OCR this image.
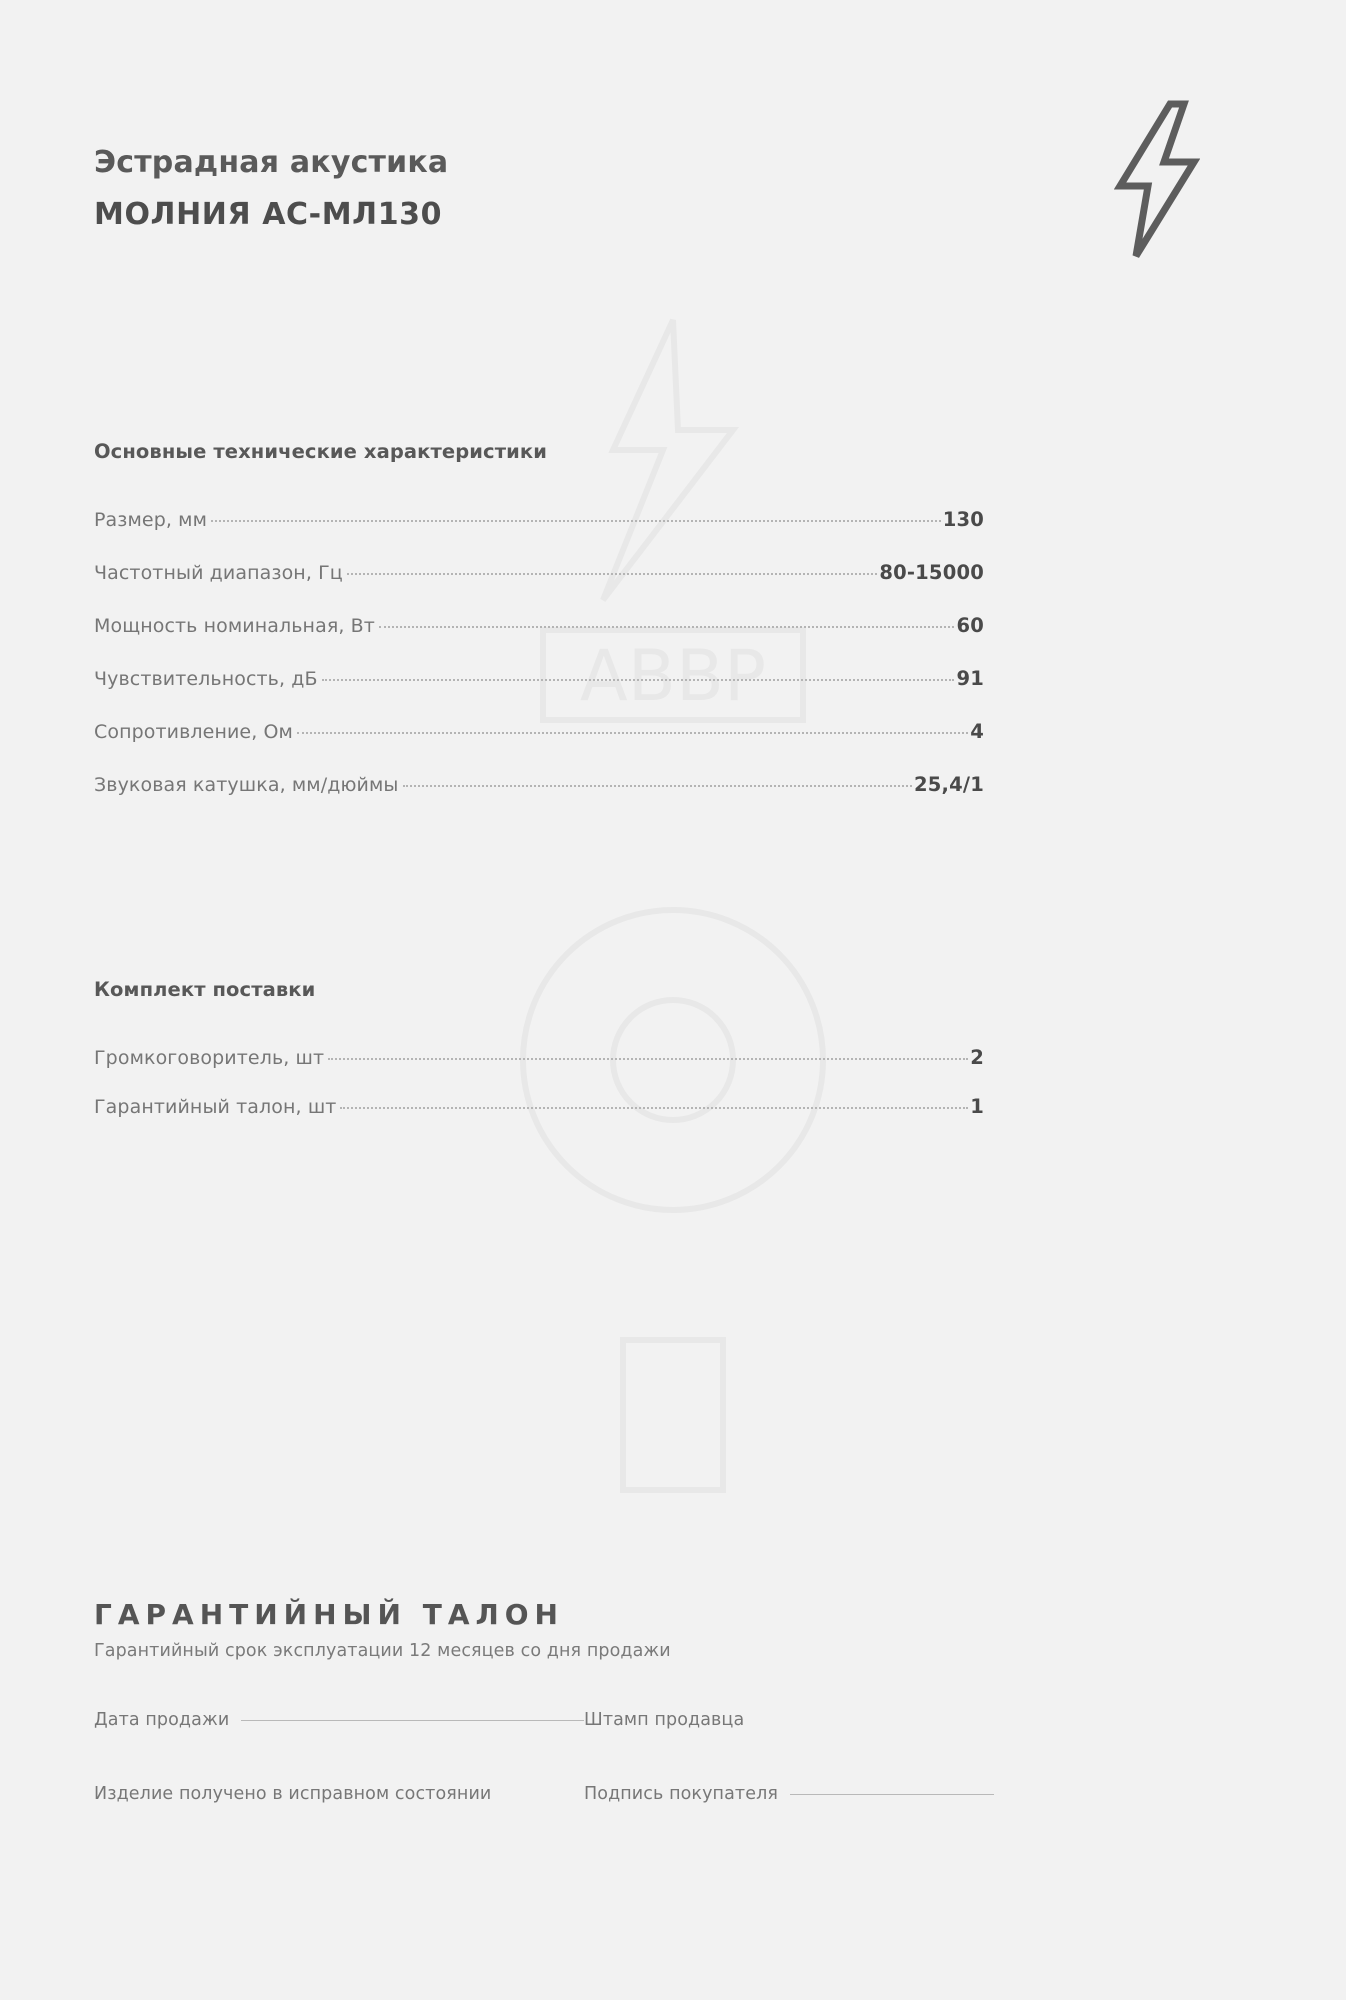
АВВР
Эстрадная акустика
МОЛНИЯ АС-МЛ130
Основные технические характеристики
Размер, мм	130
Частотный диапазон, Гц	80-15000
Мощность номинальная, Вт	60
Чувствительность, дБ	91
Сопротивление, Ом	4
Звуковая катушка, мм/дюймы	25,4/1
Комплект поставки
Громкоговоритель, шт	2
Гарантийный талон, шт	1
ГАРАНТИЙНЫЙ ТАЛОН
Гарантийный срок эксплуатации 12 месяцев со дня продажи
Дата продажи	Штамп продавца
Изделие получено в исправном состоянии	Подпись покупателя
